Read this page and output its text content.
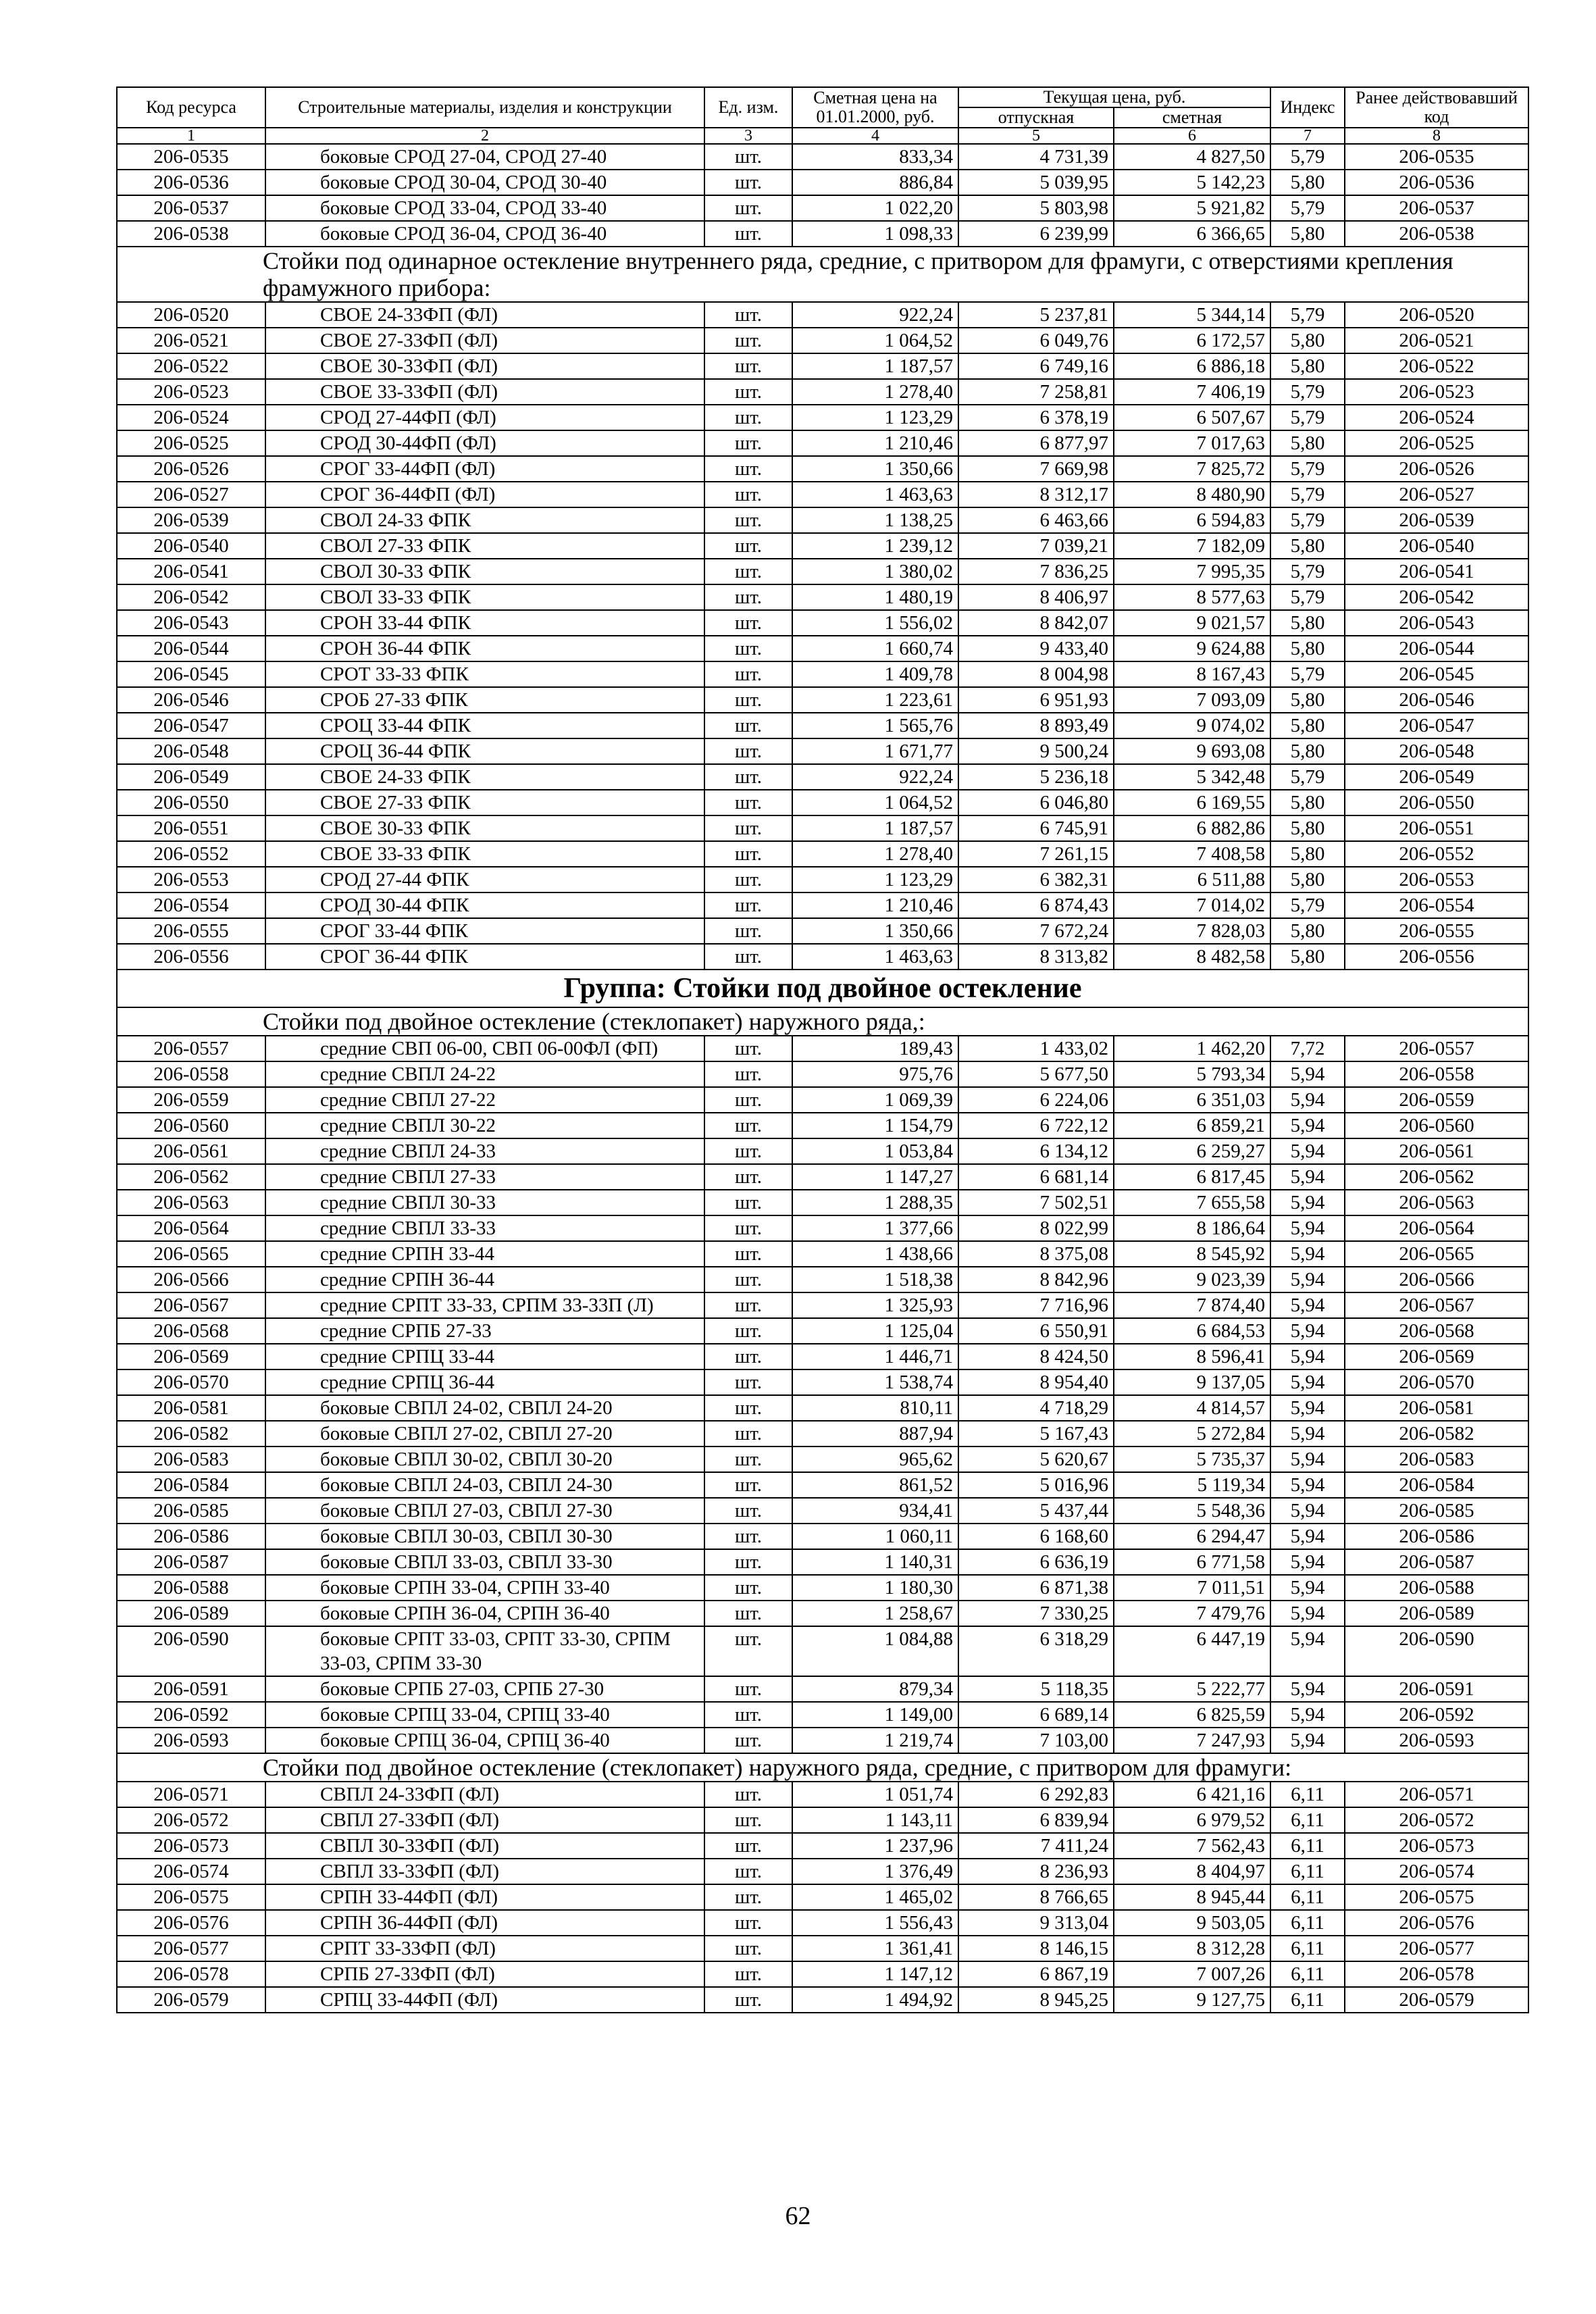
Код ресурса	Строительные материалы, изделия и конструкции	Ед. изм.	Сметная цена на 01.01.2000, руб.	Текущая цена, руб.		Индекс	Ранее действовавший код
				отпускная	сметная		
1	2	3	4	5	6	7	8
206-0535	боковые СРОД 27-04, СРОД 27-40	шт.	833,34	4 731,39	4 827,50	5,79	206-0535
206-0536	боковые СРОД 30-04, СРОД 30-40	шт.	886,84	5 039,95	5 142,23	5,80	206-0536
206-0537	боковые СРОД 33-04, СРОД 33-40	шт.	1 022,20	5 803,98	5 921,82	5,79	206-0537
206-0538	боковые СРОД 36-04, СРОД 36-40	шт.	1 098,33	6 239,99	6 366,65	5,80	206-0538
Стойки под одинарное остекление внутреннего ряда, средние, с притвором для фрамуги, с отверстиями крепления фрамужного прибора:							
206-0520	СВОЕ 24-33ФП (ФЛ)	шт.	922,24	5 237,81	5 344,14	5,79	206-0520
206-0521	СВОЕ 27-33ФП (ФЛ)	шт.	1 064,52	6 049,76	6 172,57	5,80	206-0521
206-0522	СВОЕ 30-33ФП (ФЛ)	шт.	1 187,57	6 749,16	6 886,18	5,80	206-0522
206-0523	СВОЕ 33-33ФП (ФЛ)	шт.	1 278,40	7 258,81	7 406,19	5,79	206-0523
206-0524	СРОД 27-44ФП (ФЛ)	шт.	1 123,29	6 378,19	6 507,67	5,79	206-0524
206-0525	СРОД 30-44ФП (ФЛ)	шт.	1 210,46	6 877,97	7 017,63	5,80	206-0525
206-0526	СРОГ 33-44ФП (ФЛ)	шт.	1 350,66	7 669,98	7 825,72	5,79	206-0526
206-0527	СРОГ 36-44ФП (ФЛ)	шт.	1 463,63	8 312,17	8 480,90	5,79	206-0527
206-0539	СВОЛ 24-33 ФПК	шт.	1 138,25	6 463,66	6 594,83	5,79	206-0539
206-0540	СВОЛ 27-33 ФПК	шт.	1 239,12	7 039,21	7 182,09	5,80	206-0540
206-0541	СВОЛ 30-33 ФПК	шт.	1 380,02	7 836,25	7 995,35	5,79	206-0541
206-0542	СВОЛ 33-33 ФПК	шт.	1 480,19	8 406,97	8 577,63	5,79	206-0542
206-0543	СРОН 33-44 ФПК	шт.	1 556,02	8 842,07	9 021,57	5,80	206-0543
206-0544	СРОН 36-44 ФПК	шт.	1 660,74	9 433,40	9 624,88	5,80	206-0544
206-0545	СРОТ 33-33 ФПК	шт.	1 409,78	8 004,98	8 167,43	5,79	206-0545
206-0546	СРОБ 27-33 ФПК	шт.	1 223,61	6 951,93	7 093,09	5,80	206-0546
206-0547	СРОЦ 33-44 ФПК	шт.	1 565,76	8 893,49	9 074,02	5,80	206-0547
206-0548	СРОЦ 36-44 ФПК	шт.	1 671,77	9 500,24	9 693,08	5,80	206-0548
206-0549	СВОЕ 24-33 ФПК	шт.	922,24	5 236,18	5 342,48	5,79	206-0549
206-0550	СВОЕ 27-33 ФПК	шт.	1 064,52	6 046,80	6 169,55	5,80	206-0550
206-0551	СВОЕ 30-33 ФПК	шт.	1 187,57	6 745,91	6 882,86	5,80	206-0551
206-0552	СВОЕ 33-33 ФПК	шт.	1 278,40	7 261,15	7 408,58	5,80	206-0552
206-0553	СРОД 27-44 ФПК	шт.	1 123,29	6 382,31	6 511,88	5,80	206-0553
206-0554	СРОД 30-44 ФПК	шт.	1 210,46	6 874,43	7 014,02	5,79	206-0554
206-0555	СРОГ 33-44 ФПК	шт.	1 350,66	7 672,24	7 828,03	5,80	206-0555
206-0556	СРОГ 36-44 ФПК	шт.	1 463,63	8 313,82	8 482,58	5,80	206-0556
Группа: Стойки под двойное остекление							
Стойки под двойное остекление (стеклопакет) наружного ряда,:							
206-0557	средние СВП 06-00, СВП 06-00ФЛ (ФП)	шт.	189,43	1 433,02	1 462,20	7,72	206-0557
206-0558	средние СВПЛ 24-22	шт.	975,76	5 677,50	5 793,34	5,94	206-0558
206-0559	средние СВПЛ 27-22	шт.	1 069,39	6 224,06	6 351,03	5,94	206-0559
206-0560	средние СВПЛ 30-22	шт.	1 154,79	6 722,12	6 859,21	5,94	206-0560
206-0561	средние СВПЛ 24-33	шт.	1 053,84	6 134,12	6 259,27	5,94	206-0561
206-0562	средние СВПЛ 27-33	шт.	1 147,27	6 681,14	6 817,45	5,94	206-0562
206-0563	средние СВПЛ 30-33	шт.	1 288,35	7 502,51	7 655,58	5,94	206-0563
206-0564	средние СВПЛ 33-33	шт.	1 377,66	8 022,99	8 186,64	5,94	206-0564
206-0565	средние СРПН 33-44	шт.	1 438,66	8 375,08	8 545,92	5,94	206-0565
206-0566	средние СРПН 36-44	шт.	1 518,38	8 842,96	9 023,39	5,94	206-0566
206-0567	средние СРПТ 33-33, СРПМ 33-33П (Л)	шт.	1 325,93	7 716,96	7 874,40	5,94	206-0567
206-0568	средние СРПБ 27-33	шт.	1 125,04	6 550,91	6 684,53	5,94	206-0568
206-0569	средние СРПЦ 33-44	шт.	1 446,71	8 424,50	8 596,41	5,94	206-0569
206-0570	средние СРПЦ 36-44	шт.	1 538,74	8 954,40	9 137,05	5,94	206-0570
206-0581	боковые СВПЛ 24-02, СВПЛ 24-20	шт.	810,11	4 718,29	4 814,57	5,94	206-0581
206-0582	боковые СВПЛ 27-02, СВПЛ 27-20	шт.	887,94	5 167,43	5 272,84	5,94	206-0582
206-0583	боковые СВПЛ 30-02, СВПЛ 30-20	шт.	965,62	5 620,67	5 735,37	5,94	206-0583
206-0584	боковые СВПЛ 24-03, СВПЛ 24-30	шт.	861,52	5 016,96	5 119,34	5,94	206-0584
206-0585	боковые СВПЛ 27-03, СВПЛ 27-30	шт.	934,41	5 437,44	5 548,36	5,94	206-0585
206-0586	боковые СВПЛ 30-03, СВПЛ 30-30	шт.	1 060,11	6 168,60	6 294,47	5,94	206-0586
206-0587	боковые СВПЛ 33-03, СВПЛ 33-30	шт.	1 140,31	6 636,19	6 771,58	5,94	206-0587
206-0588	боковые СРПН 33-04, СРПН 33-40	шт.	1 180,30	6 871,38	7 011,51	5,94	206-0588
206-0589	боковые СРПН 36-04, СРПН 36-40	шт.	1 258,67	7 330,25	7 479,76	5,94	206-0589
206-0590	боковые СРПТ 33-03, СРПТ 33-30, СРПМ 33-03, СРПМ 33-30	шт.	1 084,88	6 318,29	6 447,19	5,94	206-0590
206-0591	боковые СРПБ 27-03, СРПБ 27-30	шт.	879,34	5 118,35	5 222,77	5,94	206-0591
206-0592	боковые СРПЦ 33-04, СРПЦ 33-40	шт.	1 149,00	6 689,14	6 825,59	5,94	206-0592
206-0593	боковые СРПЦ 36-04, СРПЦ 36-40	шт.	1 219,74	7 103,00	7 247,93	5,94	206-0593
Стойки под двойное остекление (стеклопакет) наружного ряда, средние, с притвором для фрамуги:							
206-0571	СВПЛ 24-33ФП (ФЛ)	шт.	1 051,74	6 292,83	6 421,16	6,11	206-0571
206-0572	СВПЛ 27-33ФП (ФЛ)	шт.	1 143,11	6 839,94	6 979,52	6,11	206-0572
206-0573	СВПЛ 30-33ФП (ФЛ)	шт.	1 237,96	7 411,24	7 562,43	6,11	206-0573
206-0574	СВПЛ 33-33ФП (ФЛ)	шт.	1 376,49	8 236,93	8 404,97	6,11	206-0574
206-0575	СРПН 33-44ФП (ФЛ)	шт.	1 465,02	8 766,65	8 945,44	6,11	206-0575
206-0576	СРПН 36-44ФП (ФЛ)	шт.	1 556,43	9 313,04	9 503,05	6,11	206-0576
206-0577	СРПТ 33-33ФП (ФЛ)	шт.	1 361,41	8 146,15	8 312,28	6,11	206-0577
206-0578	СРПБ 27-33ФП (ФЛ)	шт.	1 147,12	6 867,19	7 007,26	6,11	206-0578
206-0579	СРПЦ 33-44ФП (ФЛ)	шт.	1 494,92	8 945,25	9 127,75	6,11	206-0579
62
